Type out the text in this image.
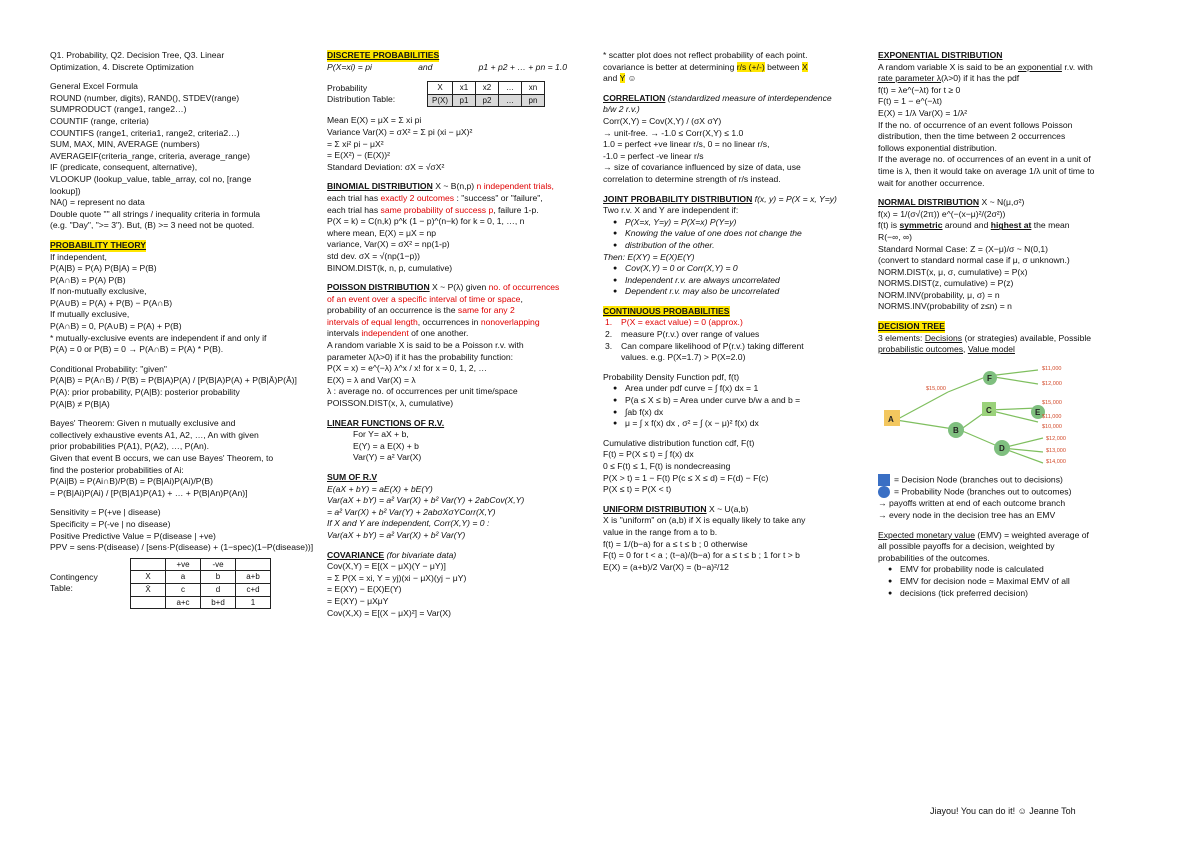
Q1. Probability, Q2. Decision Tree, Q3. Linear
Optimization, 4. Discrete Optimization
General Excel Formula
ROUND (number, digits), RAND(), STDEV(range)
SUMPRODUCT (range1, range2…)
COUNTIF (range, criteria)
COUNTIFS (range1, criteria1, range2, criteria2…)
SUM, MAX, MIN, AVERAGE (numbers)
AVERAGEIF(criteria_range, criteria, average_range)
IF (predicate, consequent, alternative),
VLOOKUP (lookup_value, table_array, col no, [range
lookup])
NA() = represent no data
Double quote "" all strings / inequality criteria in formula
(e.g. "Day", ">= 3"). But, (B) >= 3 need not be quoted.
PROBABILITY THEORY
If independent,
P(A|B) = P(A) P(B|A) = P(B)
P(A∩B) = P(A) P(B)
If non-mutually exclusive,
P(A∪B) = P(A) + P(B) − P(A∩B)
If mutually exclusive,
P(A∩B) = 0, P(A∪B) = P(A) + P(B)
* mutually-exclusive events are independent if and only if
P(A) = 0 or P(B) = 0 → P(A∩B) = P(A) * P(B).
Conditional Probability: "given"
P(A|B) = P(A∩B) / P(B) = P(B|A)P(A) / [P(B|A)P(A) + P(B|Ā)P(Ā)]
P(A): prior probability, P(A|B): posterior probability
P(A|B) ≠ P(B|A)
Bayes' Theorem: Given n mutually exclusive and
collectively exhaustive events A1, A2, …, An with given
prior probabilities P(A1), P(A2), …, P(An).
Given that event B occurs, we can use Bayes' Theorem, to
find the posterior probabilities of Ai:
P(Ai|B) = P(Ai∩B)/P(B) = P(B|Ai)P(Ai)/P(B)
= P(B|Ai)P(Ai) / [P(B|A1)P(A1) + … + P(B|An)P(An)]
Sensitivity = P(+ve | disease)
Specificity = P(-ve | no disease)
Positive Predictive Value = P(disease | +ve)
PPV = sens·P(disease) / [sens·P(disease) + (1−spec)(1−P(disease))]
Contingency
Table:
	+ve	-ve	
X	a	b	a+b
X̄	c	d	c+d
	a+c	b+d	1
DISCRETE PROBABILITIES
P(X=xi) = pi	and	p1 + p2 + … + pn = 1.0
Probability
Distribution Table:
X	x1	x2	…	xn
P(X)	p1	p2	…	pn
Mean E(X) = μX = Σ xi pi
Variance Var(X) = σX² = Σ pi (xi − μX)²
= Σ xi² pi − μX²
= E(X²) − (E(X))²
Standard Deviation: σX = √σX²
BINOMIAL DISTRIBUTION X ~ B(n,p) n independent trials,
each trial has exactly 2 outcomes : "success" or "failure",
each trial has same probability of success p, failure 1-p.
P(X = k) = C(n,k) p^k (1 − p)^(n−k) for k = 0, 1, …, n
where mean, E(X) = μX = np
variance, Var(X) = σX² = np(1-p)
std dev. σX = √(np(1−p))
BINOM.DIST(k, n, p, cumulative)
POISSON DISTRIBUTION X ~ P(λ) given no. of occurrences
of an event over a specific interval of time or space,
probability of an occurrence is the same for any 2
intervals of equal length, occurrences in nonoverlapping
intervals independent of one another.
A random variable X is said to be a Poisson r.v. with
parameter λ(λ>0) if it has the probability function:
P(X = x) = e^(−λ) λ^x / x! for x = 0, 1, 2, …
E(X) = λ and Var(X) = λ
λ : average no. of occurrences per unit time/space
POISSON.DIST(x, λ, cumulative)
LINEAR FUNCTIONS OF R.V.
For Y= aX + b,
E(Y) = a E(X) + b
Var(Y) = a² Var(X)
SUM OF R.V
E(aX + bY) = aE(X) + bE(Y)
Var(aX + bY) = a² Var(X) + b² Var(Y) + 2abCov(X,Y)
= a² Var(X) + b² Var(Y) + 2abσXσYCorr(X,Y)
If X and Y are independent, Corr(X,Y) = 0 :
Var(aX + bY) = a² Var(X) + b² Var(Y)
COVARIANCE (for bivariate data)
Cov(X,Y) = E[(X − μX)(Y − μY)]
= Σ P(X = xi, Y = yj)(xi − μX)(yj − μY)
= E(XY) − E(X)E(Y)
= E(XY) − μXμY
Cov(X,X) = E[(X − μX)²] = Var(X)
* scatter plot does not reflect probability of each point.
covariance is better at determining r/s (+/-) between X
and Y ☺
CORRELATION (standardized measure of interdependence
b/w 2 r.v.)
Corr(X,Y) = Cov(X,Y) / (σX σY)
→ unit-free. → -1.0 ≤ Corr(X,Y) ≤ 1.0
1.0 = perfect +ve linear r/s, 0 = no linear r/s,
-1.0 = perfect -ve linear r/s
→ size of covariance influenced by size of data, use
correlation to determine strength of r/s instead.
JOINT PROBABILITY DISTRIBUTION f(x, y) = P(X = x, Y=y)
Two r.v. X and Y are independent if:
● P(X=x, Y=y) = P(X=x) P(Y=y)
● Knowing the value of one does not change the
● distribution of the other.
Then: E(XY) = E(X)E(Y)
● Cov(X,Y) = 0 or Corr(X,Y) = 0
● Independent r.v. are always uncorrelated
● Dependent r.v. may also be uncorrelated
CONTINUOUS PROBABILITIES
1. P(X = exact value) = 0 (approx.)
2. measure P(r.v.) over range of values
3. Can compare likelihood of P(r.v.) taking different
values. e.g. P(X=1.7) > P(X=2.0)
Probability Density Function pdf, f(t)
● Area under pdf curve = ∫ f(x) dx = 1
● P(a ≤ X ≤ b) = Area under curve b/w a and b =
● ∫ab f(x) dx
● μ = ∫ x f(x) dx , σ² = ∫ (x − μ)² f(x) dx
Cumulative distribution function cdf, F(t)
F(t) = P(X ≤ t) = ∫ f(x) dx
0 ≤ F(t) ≤ 1, F(t) is nondecreasing
P(X > t) = 1 − F(t) P(c ≤ X ≤ d) = F(d) − F(c)
P(X ≤ t) = P(X < t)
UNIFORM DISTRIBUTION X ~ U(a,b)
X is "uniform" on (a,b) if X is equally likely to take any
value in the range from a to b.
f(t) = 1/(b−a) for a ≤ t ≤ b ; 0 otherwise
F(t) = 0 for t < a ; (t−a)/(b−a) for a ≤ t ≤ b ; 1 for t > b
E(X) = (a+b)/2 Var(X) = (b−a)²/12
EXPONENTIAL DISTRIBUTION
A random variable X is said to be an exponential r.v. with
rate parameter λ(λ>0) if it has the pdf
f(t) = λe^(−λt) for t ≥ 0
F(t) = 1 − e^(−λt)
E(X) = 1/λ Var(X) = 1/λ²
If the no. of occurrence of an event follows Poisson
distribution, then the time between 2 occurrences
follows exponential distribution.
If the average no. of occurrences of an event in a unit of
time is λ, then it would take on average 1/λ unit of time to
wait for another occurrence.
NORMAL DISTRIBUTION X ~ N(μ,σ²)
f(x) = 1/(σ√(2π)) e^(−(x−μ)²/(2σ²))
f(t) is symmetric around and highest at the mean
R(−∞, ∞)
Standard Normal Case: Z = (X−μ)/σ ~ N(0,1)
(convert to standard normal case if μ, σ unknown.)
NORM.DIST(x, μ, σ, cumulative) = P(x)
NORMS.DIST(z, cumulative) = P(z)
NORM.INV(probability, μ, σ) = n
NORMS.INV(probability of z≤n) = n
DECISION TREE
3 elements: Decisions (or strategies) available, Possible
probabilistic outcomes, Value model
A
B
C
D
E
F
$11,000
$12,000
$15,000
$11,000
$10,000
$12,000
$13,000
$14,000
$15,000
= Decision Node (branches out to decisions)
= Probability Node (branches out to outcomes)
→ payoffs written at end of each outcome branch
→ every node in the decision tree has an EMV
Expected monetary value (EMV) = weighted average of
all possible payoffs for a decision, weighted by
probabilities of the outcomes.
● EMV for probability node is calculated
● EMV for decision node = Maximal EMV of all
● decisions (tick preferred decision)
Jiayou! You can do it! ☺ Jeanne Toh
